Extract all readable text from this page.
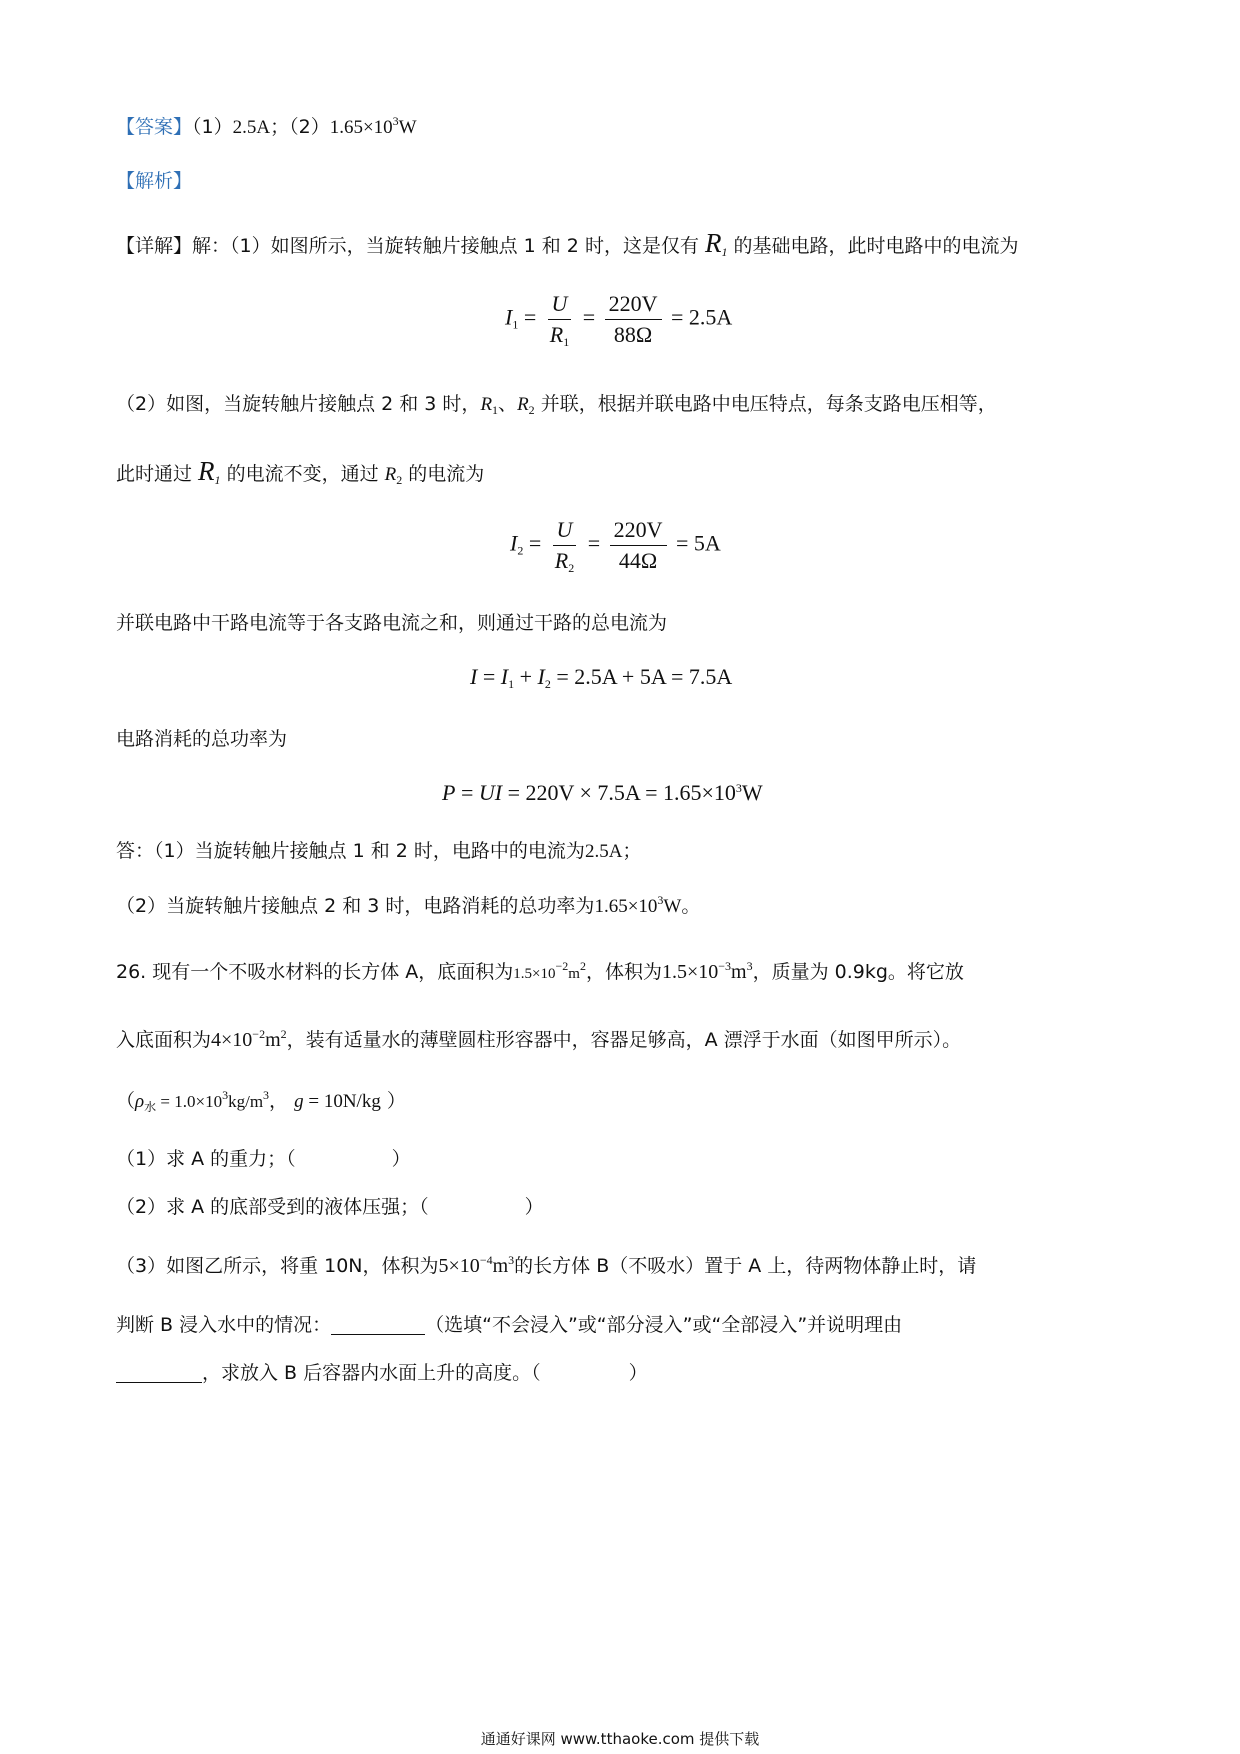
【答案】（1）2.5A；$(2)1.65\times 10^3W$
【解析】
【详解】解：（1）如图所示，当旋转触片接触点 1 和 2 时，这是仅有 $R_1$ 的基础电路，此时电路中的电流为
$I_1 = \frac{U}{R_1} = \frac{220V}{88\Omega} = 2.5A$
（2）如图，当旋转触片接触点 2 和 3 时，$R_1$、$R_2$ 并联，根据并联电路中电压特点，每条支路电压相等，
此时通过 $R_1$ 的电流不变，通过 $R_2$ 的电流为
$I_2 = \frac{U}{R_2} = \frac{220V}{44\Omega} = 5A$
并联电路中干路电流等于各支路电流之和，则通过干路的总电流为
$I = I_1 + I_2 = 2.5A + 5A = 7.5A$
电路消耗的总功率为
P = UI = $220V \times 7.5A = 1.65\times 10^3W$
答：（1）当旋转触片接触点 1 和 2 时，电路中的电流为2.5A；
（2）当旋转触片接触点 2 和 3 时，电路消耗的总功率为$1.65\times 10^3W$。
26. 现有一个不吸水材料的长方体 A，底面积为$1.5\times 10^{-2}m^2$，体积为$1.5\times 10^{-3}m^3$，质量为 0.9kg。将它放
入底面积为$4\times 10^{-2}m^2$，装有适量水的薄壁圆柱形容器中，容器足够高，A 漂浮于水面（如图甲所示）。
（$\rho_水 = 1.0\times 10^3kg/m^3$， g = 10N/kg ）
（1）求 A 的重力；（	）
（2）求 A 的底部受到的液体压强；（	）
（3）如图乙所示，将重 10N，体积为$5\times 10^{-4}m^3$的长方体 B（不吸水）置于 A 上，待两物体静止时，请
判断 B 浸入水中的情况：	（选填“不会浸入”或“部分浸入”或“全部浸入”并说明理由
，求放入 B 后容器内水面上升的高度。（	）
通通好课网 www.tthaoke.com 提供下载
